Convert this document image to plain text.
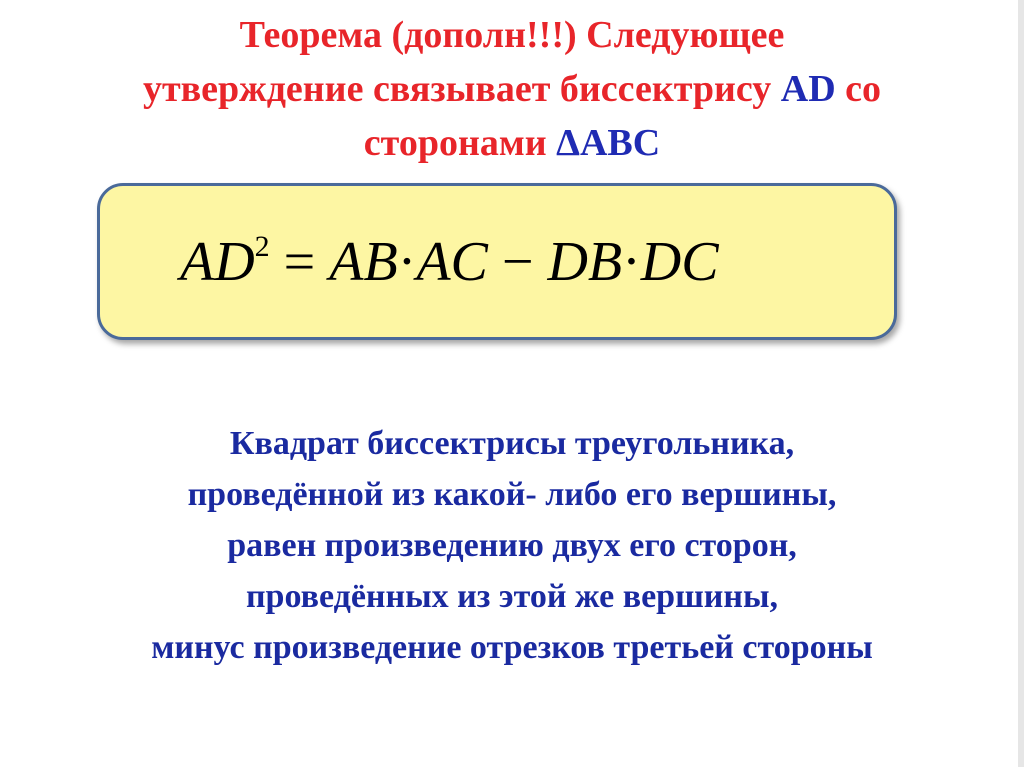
Теорема (дополн!!!) Следующее
утверждение связывает биссектрису AD со
сторонами ΔАВС
$AD^2 = AB\cdot AC - DB\cdot DC$
Квадрат биссектрисы треугольника,
проведённой из какой- либо его вершины,
равен произведению двух его сторон,
проведённых из этой же вершины,
минус произведение отрезков третьей стороны
